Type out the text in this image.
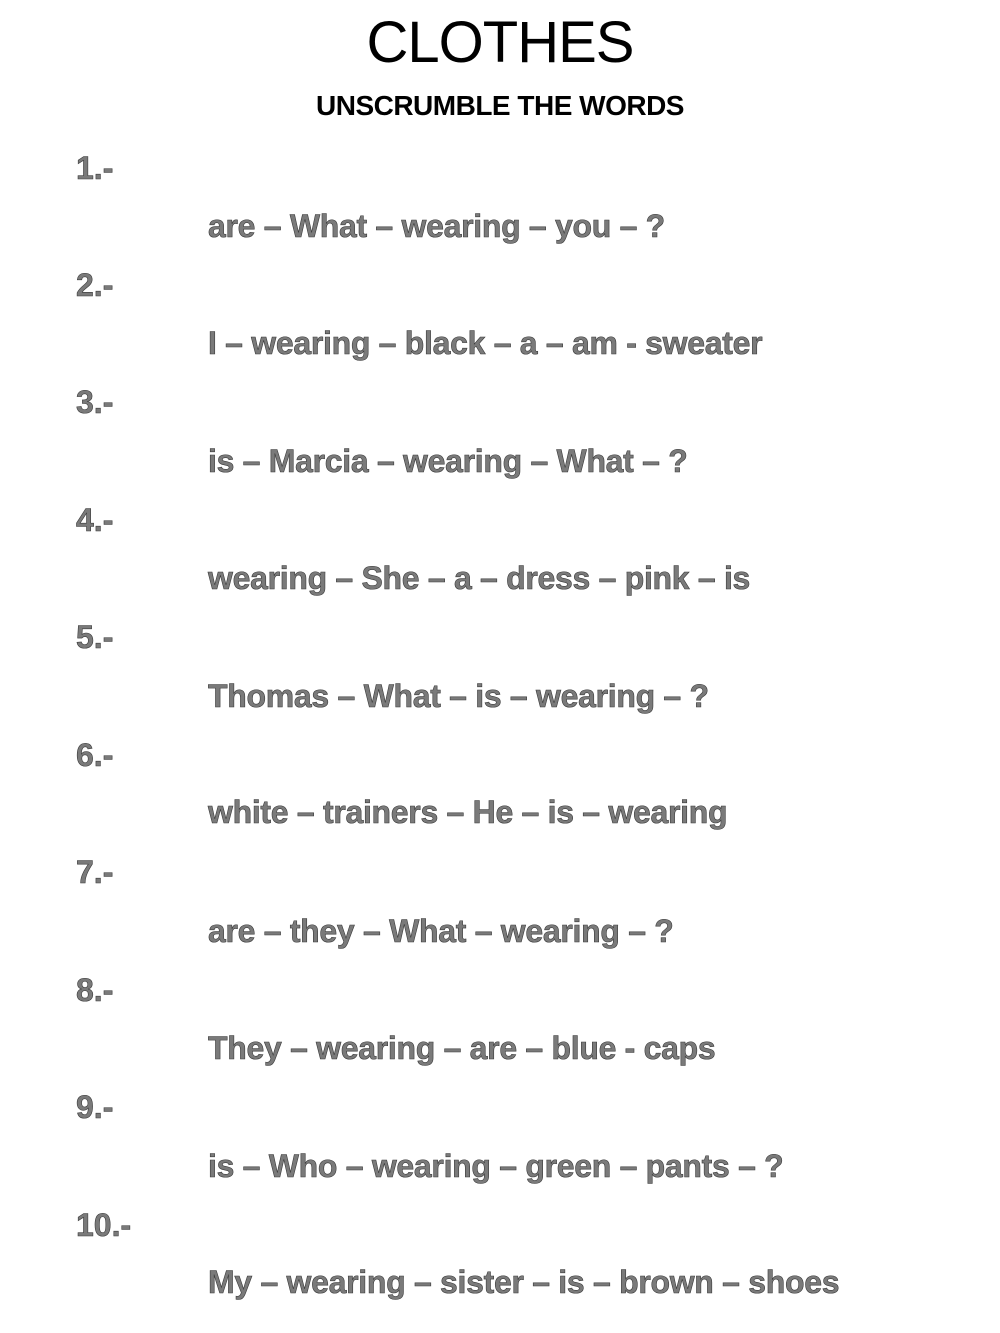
CLOTHES
UNSCRUMBLE THE WORDS
1.-
are – What – wearing – you – ?
2.-
I – wearing – black – a – am - sweater
3.-
is – Marcia – wearing – What – ?
4.-
wearing – She – a – dress – pink – is
5.-
Thomas – What – is – wearing – ?
6.-
white – trainers – He – is – wearing
7.-
are – they – What – wearing – ?
8.-
They – wearing – are – blue - caps
9.-
is – Who – wearing – green – pants – ?
10.-
My – wearing – sister – is – brown – shoes
